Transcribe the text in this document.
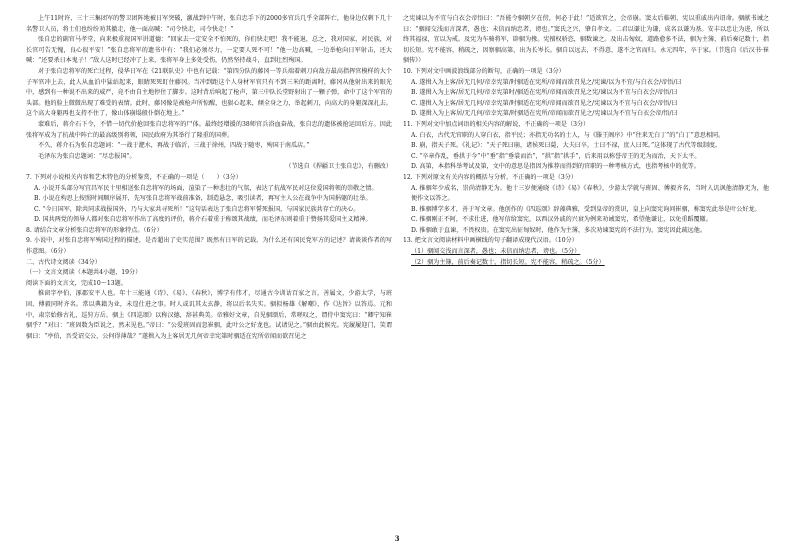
上午11时许，三十三集团军的警卫团阵地被日军突破，激战到中午时，张自忠手下的2000多官兵几乎全部阵亡，他身边仅剩下几十名警卫人员，将士们也纷纷劝其撤走，他一面高喊：“司令快走，司令快走！”

张自忠的副官马孝堂，向来极重视国军讲道德：“回家去一定安全不怕死的，你们快走吧！我不能退，总之，我对国家，对民族，对长官可告无愧，良心很平安！”张自忠将军的遗书中有：“我们必须尽力，一定要人死不可！”他一边高喊，一边举枪向日军射击，还大喊：“还要杀日本鬼子！”敌人这时已经冲了上来，张将军身上多处受伤，仍然坚持战斗，直到壮烈殉国。

对于张自忠将军的死亡过程，侵华日军在《21联队史》中也有记载：“第四分队的藤冈一等兵端着刺刀向敌方最高指挥官模样的大个子军官冲上去，此人从血泊中猛站起来，眼睛死死盯住藤冈。当冲到距这个人身材军官只有不到三米的距离时，藤冈从他射出来的眼光中，感到有一种说不出来的威严，竟不由自主地停住了脚步。这时背后响起了枪声，第三中队长堂野射出了一颗子弹，命中了这个军官的头部。他的脸上微微出现了难受的表情。此时，藤冈像是被枪声所惊醒，也狠心起来，倾全身之力，举起刺刀，向高大的身躯深深扎去。这个高大身躯再也支持不住了，像山体崩塌般仆倒在地上。”

蒙难后，蒋介石下令，不惜一切代价抢回张自忠将军的尸体。最终经增援的38师官兵浴血奋战，张自忠的遗体被抢运回后方。因此张将军成为了抗战中阵亡的最高级别将领，国民政府为其举行了隆重的国葬。

不久，蒋介石为张自忠题词：“一战于淝水，再战于临沂，三战于徐州，四战于随枣，殉国于南瓜店。”

毛泽东为张自忠题词：“尽忠报国”。

（节选自《捍疆卫土张自忠》，有删改）

7. 下列对小说相关内容和艺术特色的分析鉴赏，不正确的一项是（　　）（3分）

A. 小说开头部分写宜昌军民十里相送张自忠将军的场面，渲染了一种悲壮的气氛，表达了抗战军民对这位爱国将领的崇敬之情。

B. 小说在构思上按照时间顺序展开，先写张自忠将军战前准备，制造悬念，吸引读者，再写主人公在战争中为国捐躯的壮举。

C. “今日国军，除共同求战报国外，乃与大家共寻死所！”这句话表达了张自忠将军誓死报国，与国家民族共存亡的决心。

D. 国共两党的领导人都对张自忠将军作出了高度的评价，蒋介石着重于称颂其战绩，而毛泽东则着重于赞扬其爱国主义精神。

8. 请结合文章分析张自忠将军的形象特点。（6分）

9. 小说中，对张自忠将军殉国过程的描述，是否超出了史实范围？既然有日军的记载，为什么还有国民党军方的记述？请谈谈作者的写作意图。（6分）

二、古代诗文阅读（34分）

（一）文言文阅读（本题共4小题，19分）

阅读下面的文言文，完成10～13题。

推窗字亭伯，涿郡安平人也。年十三能通《诗》、《易》、《春秋》，博学有伟才，尽通古今训诂百家之言，善属文，少游太学，与班固、傅毅同时齐名。常以典籍为业，未遑仕进之事。时人或讥其太玄静，将以后名失实。骃拟杨雄《解嘲》，作《达旨》以答焉。元和中，肃宗始修古礼，巡狩方岳。骃上《四巡颂》以称汉德，辞甚典美。帝雅好文章，自见骃颂后，常嗟叹之，谓侍中窦宪曰：“卿宁知崔骃乎？”对曰：“班固数为臣说之，然未见也。”帝曰：“公爱班固而忽崔骃，此叶公之好龙也。试请见之。”骃由此候宪。宪履履迎门，笑谓骃曰：“亭伯，吾受诏交公，公何得薄哉？”遂揖入为上客居无几何帝幸宪第时骃适在宪所帝闻而欲召见之

之宪谏以为不宜与白衣会帝悟曰：“吾能令骃朝夕在傍，何必于此！”适欲官之，会帝崩。窦太后临朝，宪以重戚出内诏命。骃献书诫之曰：“骃闻交浅而言深者，愚也；未信而纳忠者，谤也。”窦氏之兴，肇自孝文。二君以谦让为谦，成名以谦为基。安丰以忠让为进，所以终其福禄，宜以为戒。及宪为车骑将军，辟骃为掾。宪擅权骄恣，骃数谏之。及出击匈奴，道路愈多不法，骃为主簿，前后奏记数十，指切长短。宪不能容，稍疏之，因察骃高第，出为长岑长。骃自以远去，不得意，遂不之官而归。永元四年，卒于家。（节选自《后汉书·崔骃传》）

10. 下列对文中画波浪线部分的断句，正确的一项是（3分）

A. 遂揖入为上客/居无几何/帝幸宪第/时骃适在宪所/帝闻而欲召见之/宪谏/以为不宜/与白衣会/帝悟/曰

B. 遂揖入为上客/居无几何/帝幸宪第时/骃适在宪所/帝闻而欲召见之宪/谏以为不宜与白衣会/帝悟/曰

C. 遂揖入为上客/居无几何/帝幸宪第/时骃适在宪所/帝闻而欲召见之/宪谏以为不宜与白衣会/帝悟/曰

D. 遂揖入为上客居/无几何/帝幸宪第/时骃适在宪所/帝闻而欲召见之/宪谏以为不宜与白衣会帝/悟/曰

11. 下列对文中加点词语的相关内容的解说，不正确的一项是（3分）

A. 白衣，古代无官职的人穿白衣，指平民；亦指无功名的士人，与《滕王阁序》中“往来无白丁”的“白丁”意思相同。

B. 崩，指天子死。《礼记》：“天子死曰崩，诸侯死曰薨，大夫曰卒，士曰不禄，庶人曰死。”这体现了古代等级制度。

C. “卒章作乱，垂拱于今”中“垂”指“垂裳而治”，“拱”指“拱手”，后来用以称誉帝王的无为而治，天下太平。

D. 高第，本指科举考试及第，文中的意思是指因为推荐而得到的官职的一种考核方式，也指考核中的优等。

12. 下列对原文有关内容的概括与分析，不正确的一项是（3分）

A. 推骃年少成名，崇尚清静无为。他十三岁便通晓《诗》《易》《春秋》，少游太学就与班固、傅毅齐名，当时人讥讽他清静无为，他便作文以答之。

B. 推骃博学多才，善于写文章。他创作的《四巡颂》辞藻典雅，受到皇帝的赏识，皇上向窦宪询问崔骃，称窦宪此举是叶公好龙。

C. 推骃刚正不阿，不求仕进，他写信给窦宪，以西汉外戚的兴衰为例来劝诫窦宪，希望他谦让，以免重蹈覆辙。

D. 推骃敢于直谏，不畏权贵。在窦宪出征匈奴时，他作为主簿，多次劝谏窦宪的不法行为，窦宪因此疏远他。

13. 把文言文阅读材料中画横线的句子翻译成现代汉语。（10分）

（1）骃闻交浅而言深者，愚也；未信而纳忠者，谤也。（5分）

（2）骃为主簿，前后奏记数十，指切长短。宪不能容，稍疏之。（5分）

3
